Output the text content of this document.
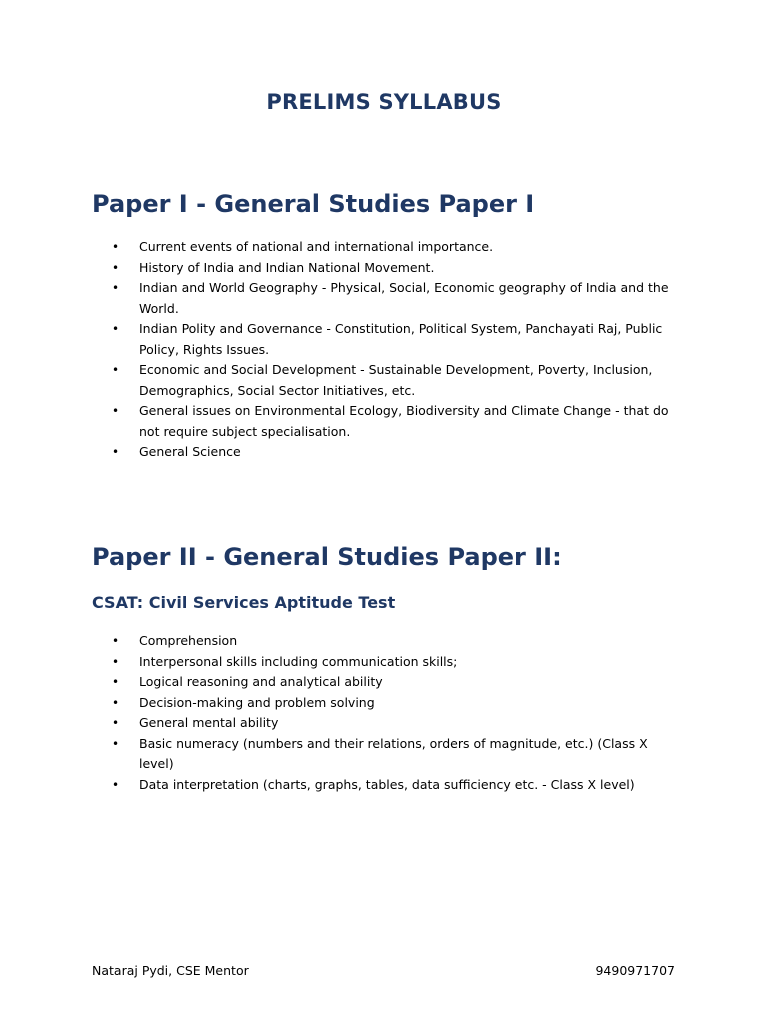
PRELIMS SYLLABUS
Paper I - General Studies Paper I
• Current events of national and international importance.
• History of India and Indian National Movement.
• Indian and World Geography - Physical, Social, Economic geography of India and the World.
• Indian Polity and Governance - Constitution, Political System, Panchayati Raj, Public Policy, Rights Issues.
• Economic and Social Development - Sustainable Development, Poverty, Inclusion, Demographics, Social Sector Initiatives, etc.
• General issues on Environmental Ecology, Biodiversity and Climate Change - that do not require subject specialisation.
• General Science
Paper II - General Studies Paper II:
CSAT: Civil Services Aptitude Test
• Comprehension
• Interpersonal skills including communication skills;
• Logical reasoning and analytical ability
• Decision-making and problem solving
• General mental ability
• Basic numeracy (numbers and their relations, orders of magnitude, etc.) (Class X level)
• Data interpretation (charts, graphs, tables, data sufficiency etc. - Class X level)

Nataraj Pydi, CSE Mentor	9490971707
